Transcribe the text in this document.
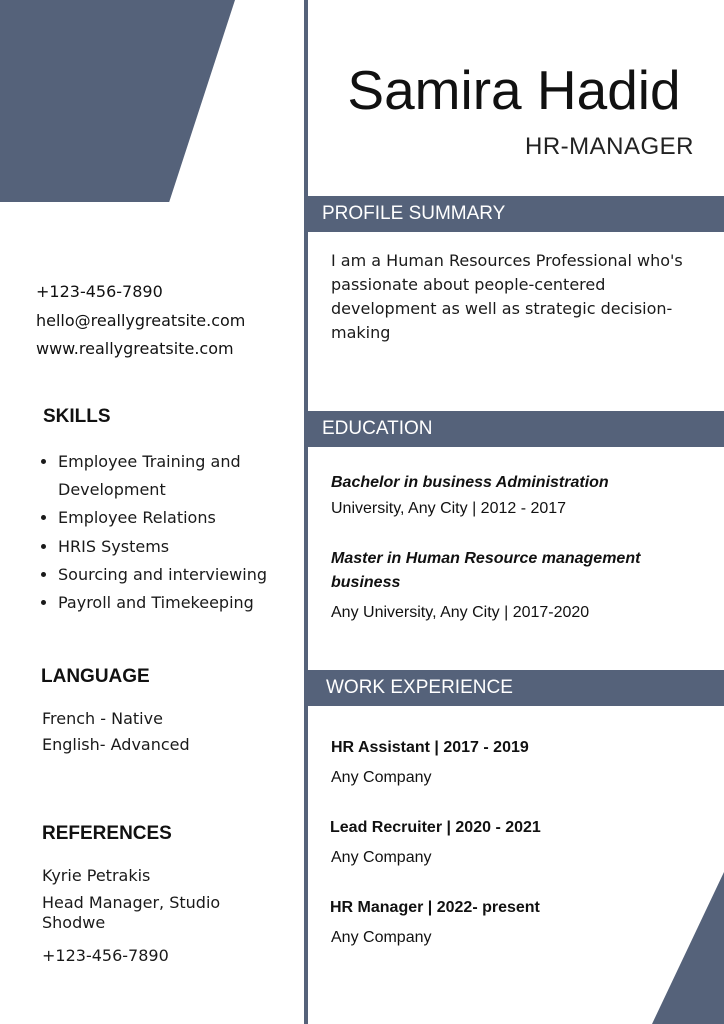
Samira Hadid
HR-MANAGER
+123-456-7890
hello@reallygreatsite.com
www.reallygreatsite.com
SKILLS
• Employee Training and Development
• Employee Relations
• HRIS Systems
• Sourcing and interviewing
• Payroll and Timekeeping
LANGUAGE
French - Native
English- Advanced
REFERENCES
Kyrie Petrakis
Head Manager, Studio Shodwe
+123-456-7890
PROFILE SUMMARY
I am a Human Resources Professional who's passionate about people-centered development as well as strategic decision-making
EDUCATION
Bachelor in business Administration
University, Any City | 2012 - 2017
Master in Human Resource management business
Any University, Any City | 2017-2020
WORK EXPERIENCE
HR Assistant | 2017 - 2019
Any Company
Lead Recruiter | 2020 - 2021
Any Company
HR Manager | 2022- present
Any Company
